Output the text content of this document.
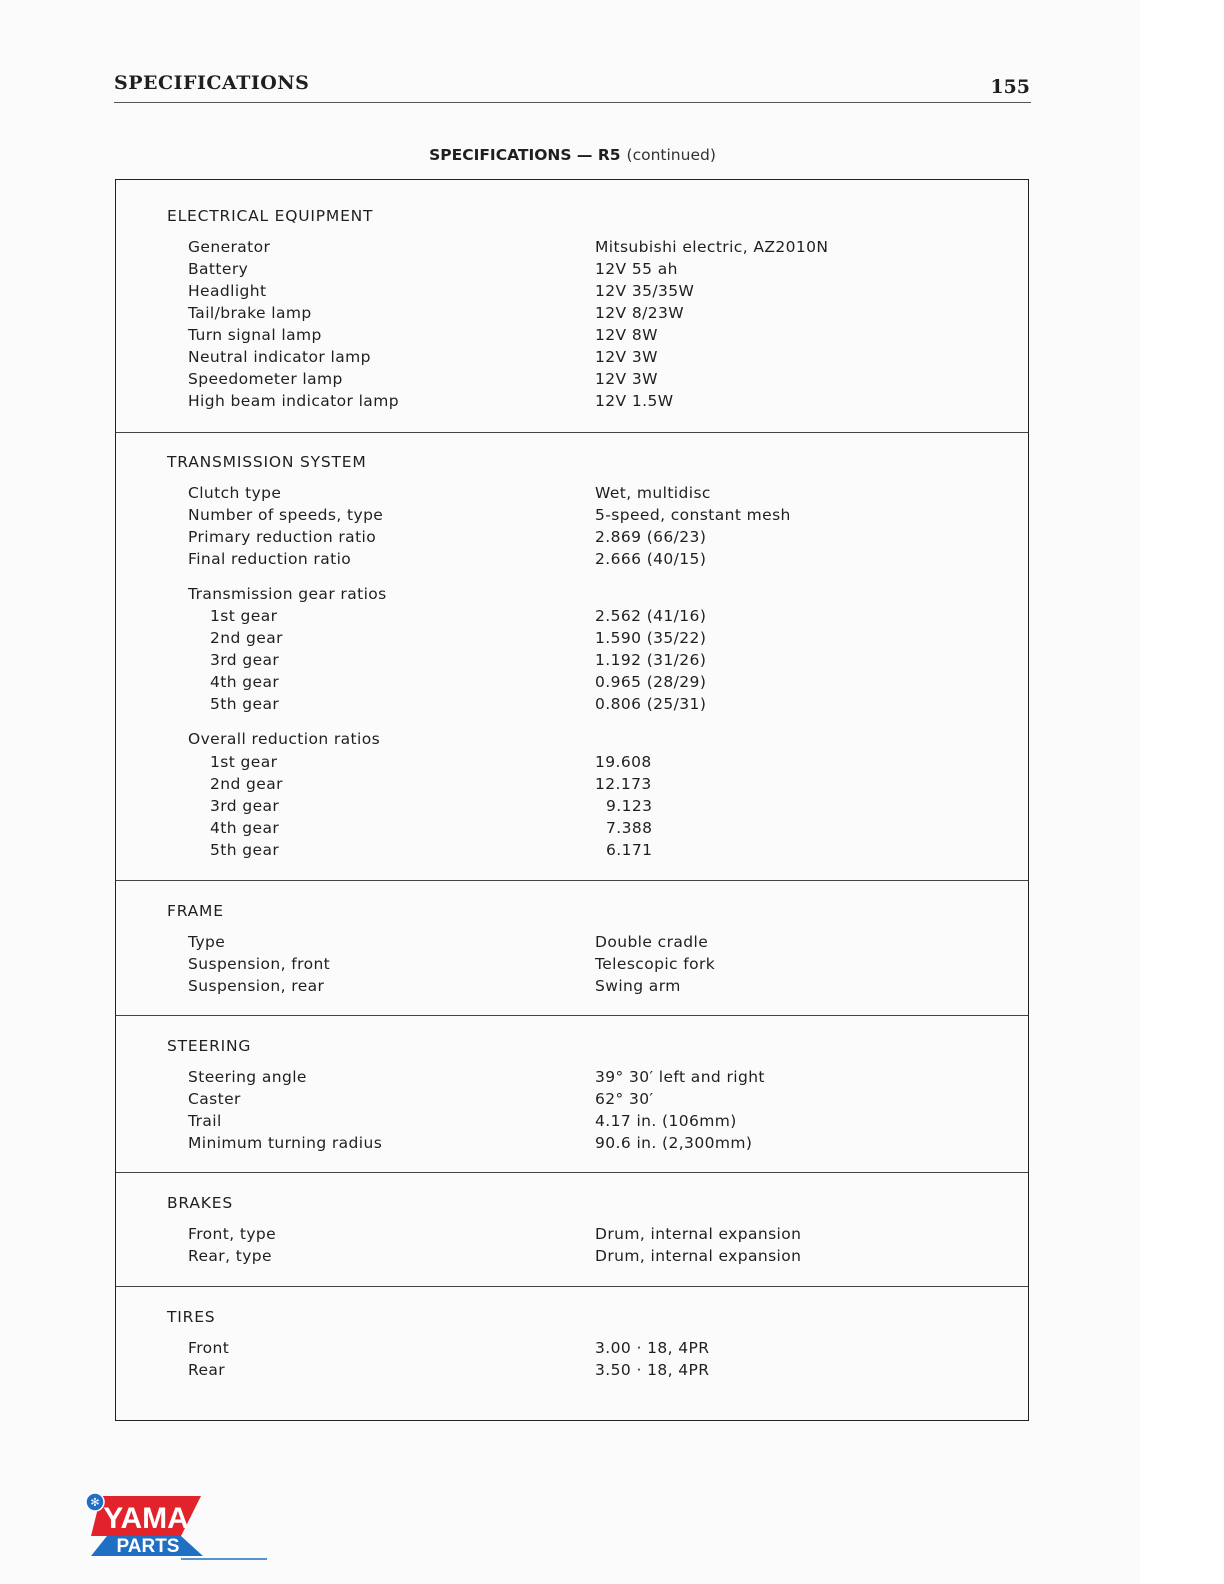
SPECIFICATIONS	155
SPECIFICATIONS — R5 (continued)
ELECTRICAL EQUIPMENT
Generator	Mitsubishi electric, AZ2010N
Battery	12V 55 ah
Headlight	12V 35/35W
Tail/brake lamp	12V 8/23W
Turn signal lamp	12V 8W
Neutral indicator lamp	12V 3W
Speedometer lamp	12V 3W
High beam indicator lamp	12V 1.5W
TRANSMISSION SYSTEM
Clutch type	Wet, multidisc
Number of speeds, type	5-speed, constant mesh
Primary reduction ratio	2.869 (66/23)
Final reduction ratio	2.666 (40/15)
Transmission gear ratios
1st gear	2.562 (41/16)
2nd gear	1.590 (35/22)
3rd gear	1.192 (31/26)
4th gear	0.965 (28/29)
5th gear	0.806 (25/31)
Overall reduction ratios
1st gear	19.608
2nd gear	12.173
3rd gear	9.123
4th gear	7.388
5th gear	6.171
FRAME
Type	Double cradle
Suspension, front	Telescopic fork
Suspension, rear	Swing arm
STEERING
Steering angle	39° 30′ left and right
Caster	62° 30′
Trail	4.17 in. (106mm)
Minimum turning radius	90.6 in. (2,300mm)
BRAKES
Front, type	Drum, internal expansion
Rear, type	Drum, internal expansion
TIRES
Front	3.00 · 18, 4PR
Rear	3.50 · 18, 4PR
✻ YAMA
PARTS
